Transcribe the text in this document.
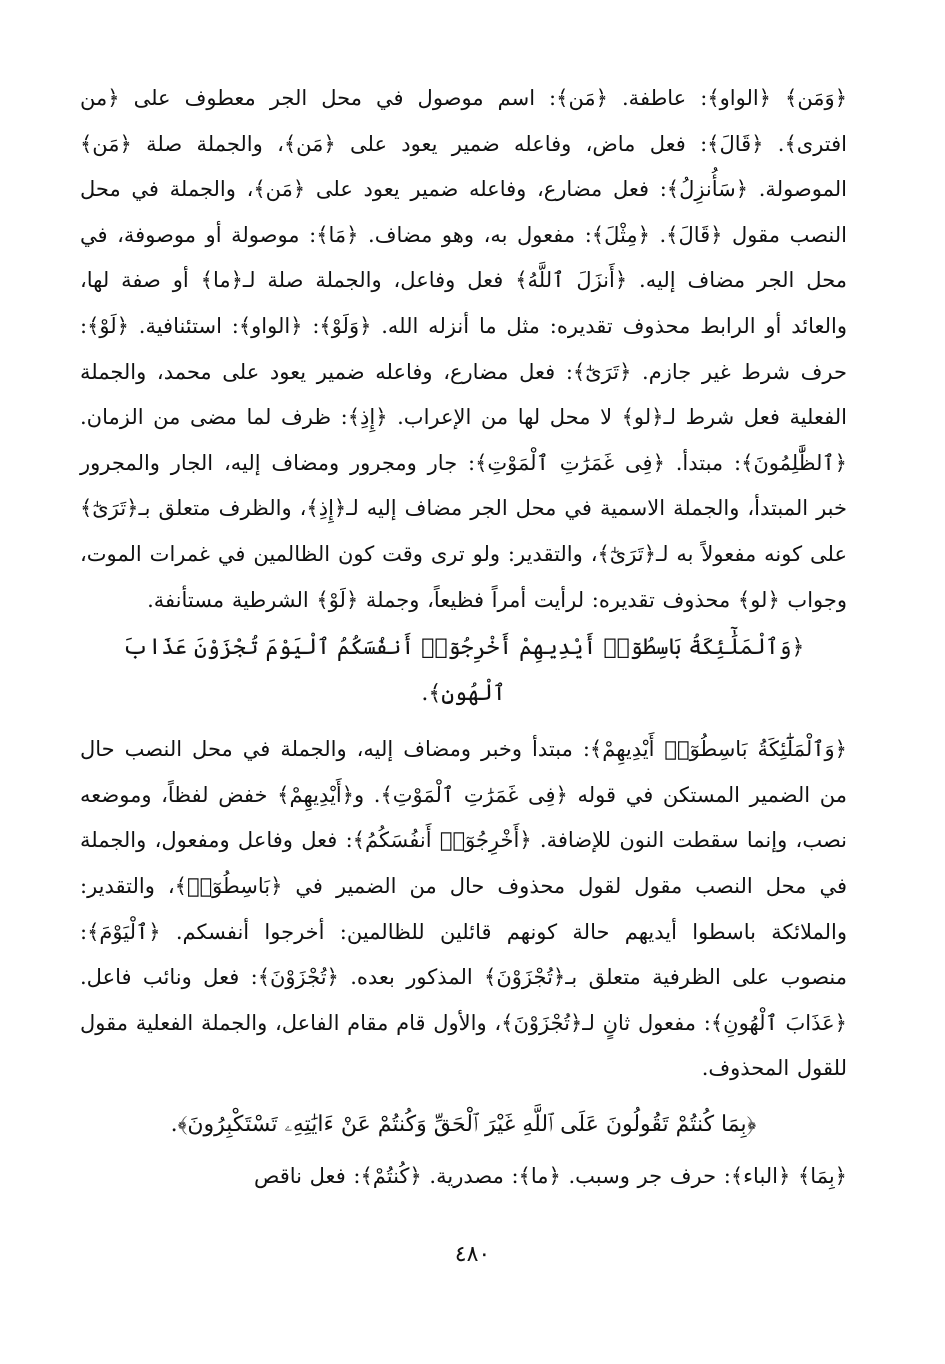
﴿وَمَن﴾ ﴿الواو﴾: عاطفة. ﴿مَن﴾: اسم موصول في محل الجر معطوف على ﴿من افترى﴾. ﴿قَالَ﴾: فعل ماض، وفاعله ضمير يعود على ﴿مَن﴾، والجملة صلة ﴿مَن﴾ الموصولة. ﴿سَأُنزِلُ﴾: فعل مضارع، وفاعله ضمير يعود على ﴿مَن﴾، والجملة في محل النصب مقول ﴿قَالَ﴾. ﴿مِثْلَ﴾: مفعول به، وهو مضاف. ﴿مَا﴾: موصولة أو موصوفة، في محل الجر مضاف إليه. ﴿أَنزَلَ ٱللَّهُ﴾ فعل وفاعل، والجملة صلة لـ﴿ما﴾ أو صفة لها، والعائد أو الرابط محذوف تقديره: مثل ما أنزله الله. ﴿وَلَوْ﴾: ﴿الواو﴾: استئنافية. ﴿لَوْ﴾: حرف شرط غير جازم. ﴿تَرَىٰٓ﴾: فعل مضارع، وفاعله ضمير يعود على محمد، والجملة الفعلية فعل شرط لـ﴿لو﴾ لا محل لها من الإعراب. ﴿إِذِ﴾: ظرف لما مضى من الزمان. ﴿ٱلظَّٰلِمُونَ﴾: مبتدأ. ﴿فِى غَمَرَٰتِ ٱلْمَوْتِ﴾: جار ومجرور ومضاف إليه، الجار والمجرور خبر المبتدأ، والجملة الاسمية في محل الجر مضاف إليه لـ﴿إِذِ﴾، والظرف متعلق بـ﴿تَرَىٰٓ﴾ على كونه مفعولاً به لـ﴿تَرَىٰٓ﴾، والتقدير: ولو ترى وقت كون الظالمين في غمرات الموت، وجواب ﴿لو﴾ محذوف تقديره: لرأيت أمراً فظيعاً، وجملة ﴿لَوْ﴾ الشرطية مستأنفة.

﴿وَٱلْمَلَٰٓئِكَةُ بَاسِطُوٓا۟ أَيْدِيهِمْ أَخْرِجُوٓا۟ أَنفُسَكُمُ ٱلْيَوْمَ تُجْزَوْنَ عَذَابَ ٱلْهُونِ﴾.

﴿وَٱلْمَلَٰٓئِكَةُ بَاسِطُوٓا۟ أَيْدِيهِمْ﴾: مبتدأ وخبر ومضاف إليه، والجملة في محل النصب حال من الضمير المستكن في قوله ﴿فِى غَمَرَٰتِ ٱلْمَوْتِ﴾. و﴿أَيْدِيهِمْ﴾ خفض لفظاً، وموضعه نصب، وإنما سقطت النون للإضافة. ﴿أَخْرِجُوٓا۟ أَنفُسَكُمُ﴾: فعل وفاعل ومفعول، والجملة في محل النصب مقول لقول محذوف حال من الضمير في ﴿بَاسِطُوٓا۟﴾، والتقدير: والملائكة باسطوا أيديهم حالة كونهم قائلين للظالمين: أخرجوا أنفسكم. ﴿ٱلْيَوْمَ﴾: منصوب على الظرفية متعلق بـ﴿تُجْزَوْنَ﴾ المذكور بعده. ﴿تُجْزَوْنَ﴾: فعل ونائب فاعل. ﴿عَذَابَ ٱلْهُونِ﴾: مفعول ثانٍ لـ﴿تُجْزَوْنَ﴾، والأول قام مقام الفاعل، والجملة الفعلية مقول للقول المحذوف.

﴿بِمَا كُنتُمْ تَقُولُونَ عَلَى ٱللَّهِ غَيْرَ ٱلْحَقِّ وَكُنتُمْ عَنْ ءَايَٰتِهِۦ تَسْتَكْبِرُونَ﴾.

﴿بِمَا﴾ ﴿الباء﴾: حرف جر وسبب. ﴿ما﴾: مصدرية. ﴿كُنتُمْ﴾: فعل ناقص

٤٨٠
